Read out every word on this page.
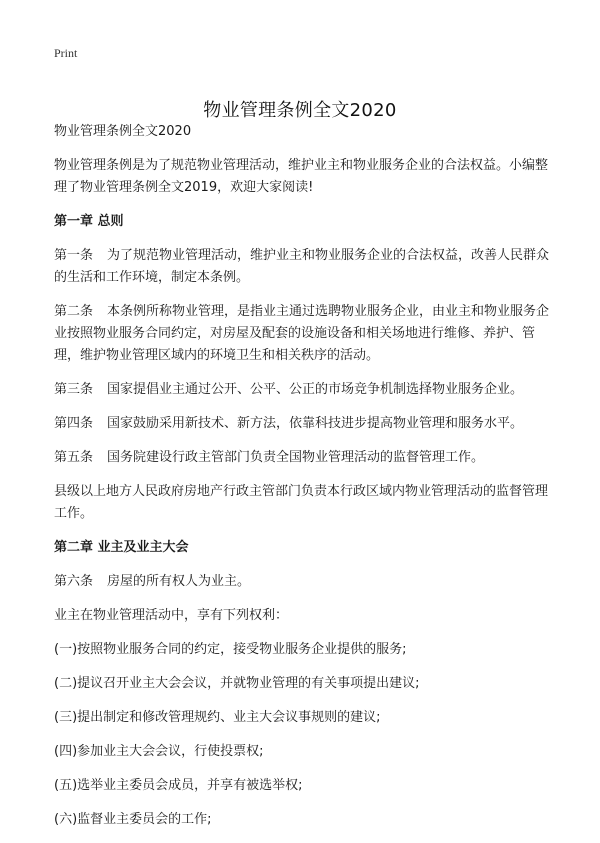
Print
物业管理条例全文2020

物业管理条例全文2020

物业管理条例是为了规范物业管理活动，维护业主和物业服务企业的合法权益。小编整理了物业管理条例全文2019，欢迎大家阅读!

第一章 总则

第一条 为了规范物业管理活动，维护业主和物业服务企业的合法权益，改善人民群众的生活和工作环境，制定本条例。

第二条 本条例所称物业管理，是指业主通过选聘物业服务企业，由业主和物业服务企业按照物业服务合同约定，对房屋及配套的设施设备和相关场地进行维修、养护、管理，维护物业管理区域内的环境卫生和相关秩序的活动。

第三条 国家提倡业主通过公开、公平、公正的市场竞争机制选择物业服务企业。

第四条 国家鼓励采用新技术、新方法，依靠科技进步提高物业管理和服务水平。

第五条 国务院建设行政主管部门负责全国物业管理活动的监督管理工作。

县级以上地方人民政府房地产行政主管部门负责本行政区域内物业管理活动的监督管理工作。

第二章 业主及业主大会

第六条 房屋的所有权人为业主。

业主在物业管理活动中，享有下列权利：

(一)按照物业服务合同的约定，接受物业服务企业提供的服务;

(二)提议召开业主大会会议，并就物业管理的有关事项提出建议;

(三)提出制定和修改管理规约、业主大会议事规则的建议;

(四)参加业主大会会议，行使投票权;

(五)选举业主委员会成员，并享有被选举权;

(六)监督业主委员会的工作;
